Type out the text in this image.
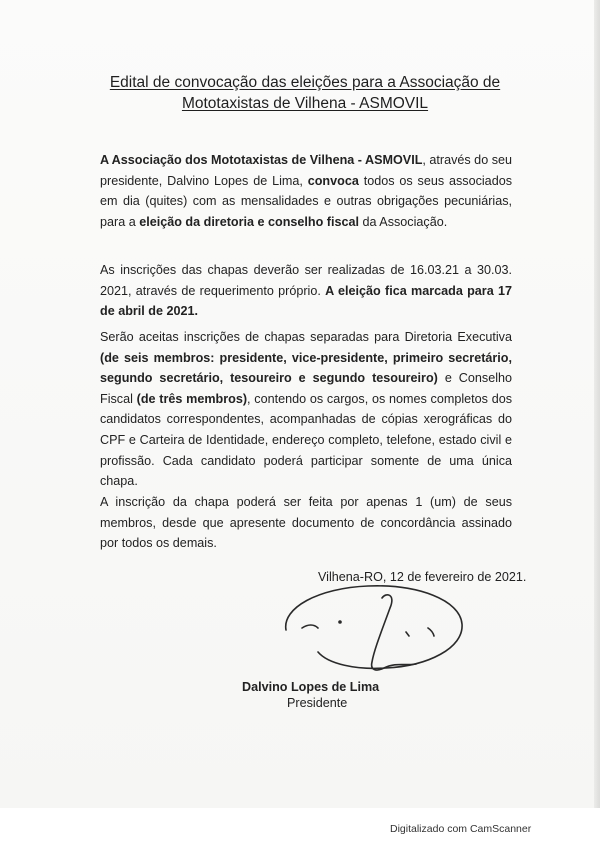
Edital de convocação das eleições para a Associação de
Mototaxistas de Vilhena - ASMOVIL

A Associação dos Mototaxistas de Vilhena - ASMOVIL, através do seu presidente, Dalvino Lopes de Lima, convoca todos os seus associados em dia (quites) com as mensalidades e outras obrigações pecuniárias, para a eleição da diretoria e conselho fiscal da Associação.

As inscrições das chapas deverão ser realizadas de 16.03.21 a 30.03. 2021, através de requerimento próprio. A eleição fica marcada para 17 de abril de 2021.

Serão aceitas inscrições de chapas separadas para Diretoria Executiva (de seis membros: presidente, vice-presidente, primeiro secretário, segundo secretário, tesoureiro e segundo tesoureiro) e Conselho Fiscal (de três membros), contendo os cargos, os nomes completos dos candidatos correspondentes, acompanhadas de cópias xerográficas do CPF e Carteira de Identidade, endereço completo, telefone, estado civil e profissão. Cada candidato poderá participar somente de uma única chapa.

A inscrição da chapa poderá ser feita por apenas 1 (um) de seus membros, desde que apresente documento de concordância assinado por todos os demais.

Vilhena-RO, 12 de fevereiro de 2021.

Dalvino Lopes de Lima

Presidente

Digitalizado com CamScanner
